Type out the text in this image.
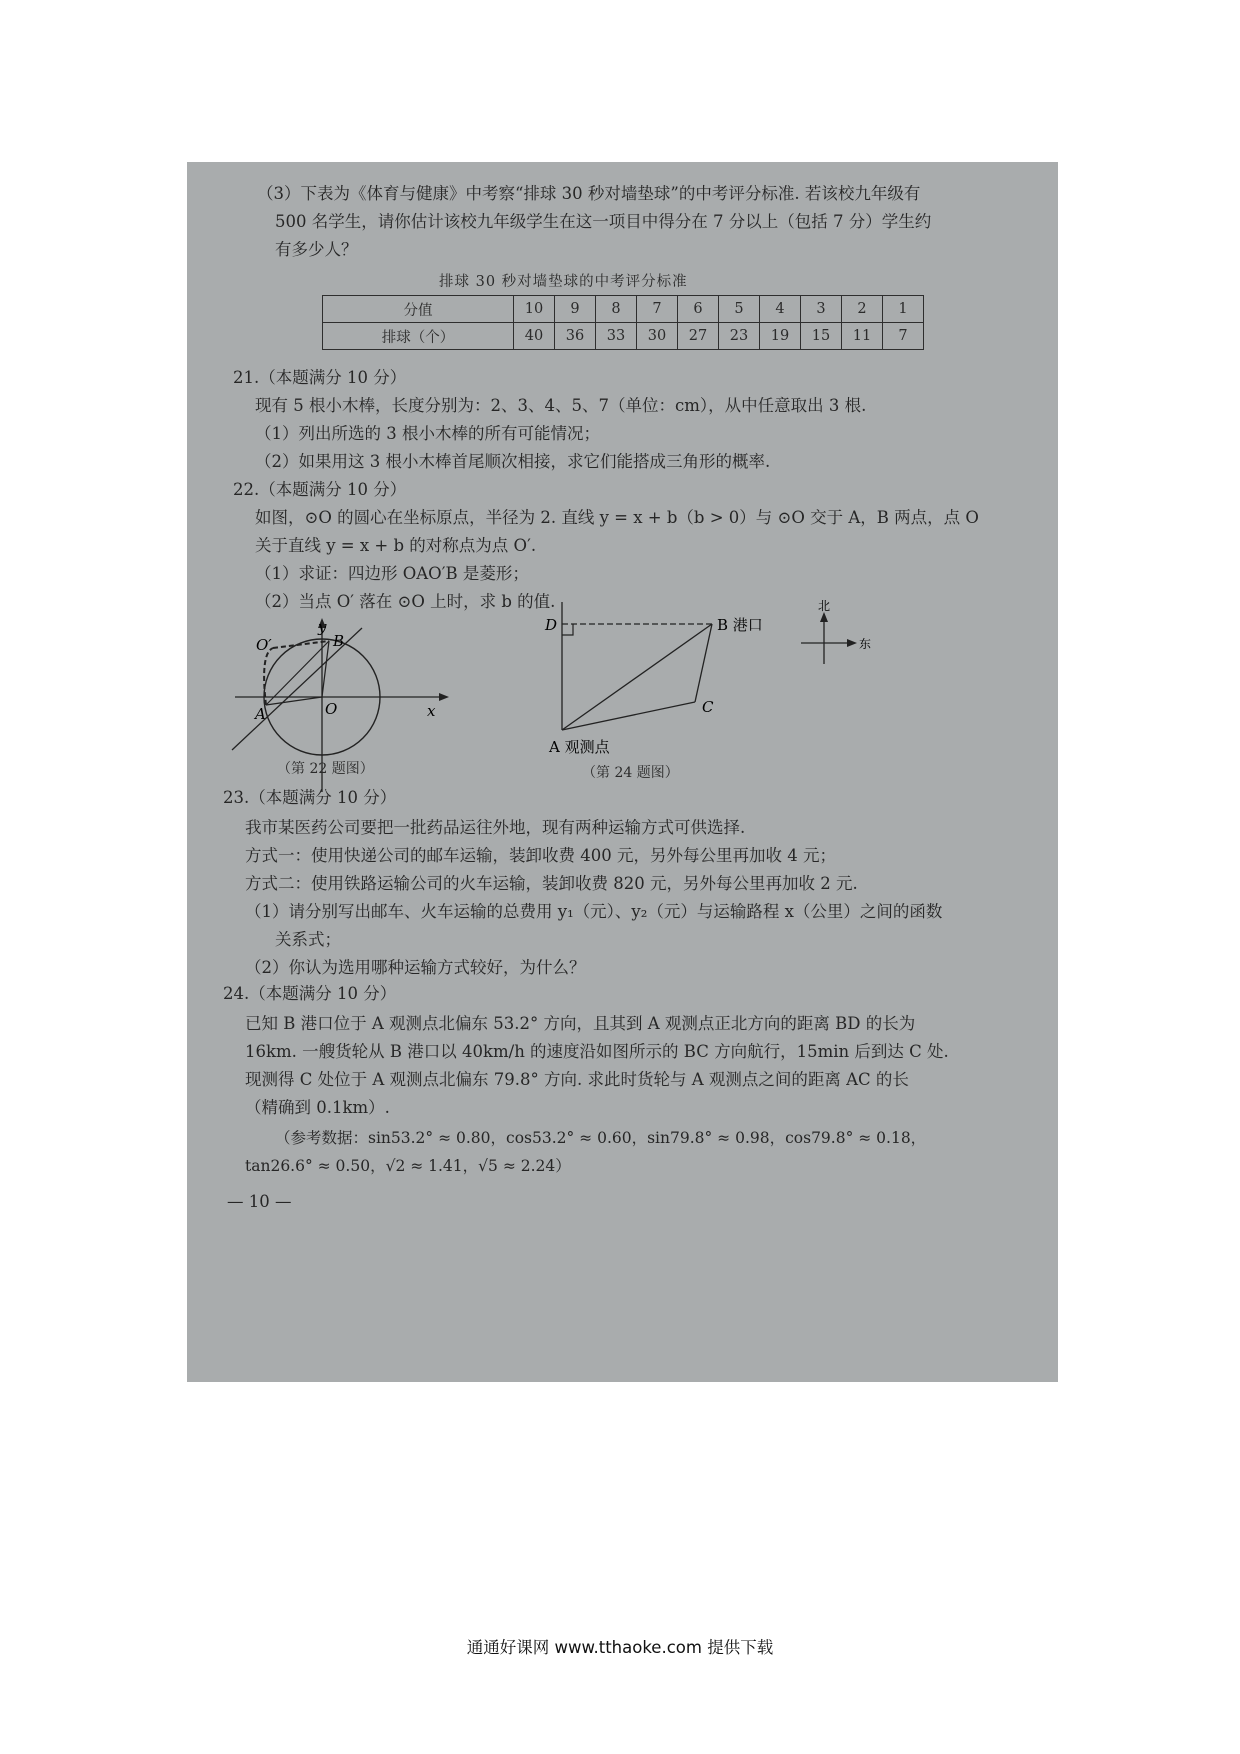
（3）下表为《体育与健康》中考察“排球 30 秒对墙垫球”的中考评分标准. 若该校九年级有
500 名学生，请你估计该校九年级学生在这一项目中得分在 7 分以上（包括 7 分）学生约
有多少人？
排球 30 秒对墙垫球的中考评分标准
分值	10	9	8	7	6	5	4	3	2	1
排球（个）	40	36	33	30	27	23	19	15	11	7
21.（本题满分 10 分）
现有 5 根小木棒，长度分别为：2、3、4、5、7（单位：cm），从中任意取出 3 根.
（1）列出所选的 3 根小木棒的所有可能情况；
（2）如果用这 3 根小木棒首尾顺次相接，求它们能搭成三角形的概率.
22.（本题满分 10 分）
如图，⊙O 的圆心在坐标原点，半径为 2. 直线 y = x + b（b > 0）与 ⊙O 交于 A，B 两点，点 O
关于直线 y = x + b 的对称点为点 O′.
（1）求证：四边形 OAO′B 是菱形；
（2）当点 O′ 落在 ⊙O 上时，求 b 的值.
y
x
O
A
B
O′
（第 22 题图）
D	B 港口
C
A 观测点
北
东
（第 24 题图）
23.（本题满分 10 分）
我市某医药公司要把一批药品运往外地，现有两种运输方式可供选择.
方式一：使用快递公司的邮车运输，装卸收费 400 元，另外每公里再加收 4 元；
方式二：使用铁路运输公司的火车运输，装卸收费 820 元，另外每公里再加收 2 元.
（1）请分别写出邮车、火车运输的总费用 y₁（元）、y₂（元）与运输路程 x（公里）之间的函数
关系式；
（2）你认为选用哪种运输方式较好，为什么？
24.（本题满分 10 分）
已知 B 港口位于 A 观测点北偏东 53.2° 方向，且其到 A 观测点正北方向的距离 BD 的长为
16km. 一艘货轮从 B 港口以 40km/h 的速度沿如图所示的 BC 方向航行，15min 后到达 C 处.
现测得 C 处位于 A 观测点北偏东 79.8° 方向. 求此时货轮与 A 观测点之间的距离 AC 的长
（精确到 0.1km）.
（参考数据：sin53.2° ≈ 0.80，cos53.2° ≈ 0.60，sin79.8° ≈ 0.98，cos79.8° ≈ 0.18，
tan26.6° ≈ 0.50，√2 ≈ 1.41，√5 ≈ 2.24）
— 10 —
通通好课网 www.tthaoke.com 提供下载
